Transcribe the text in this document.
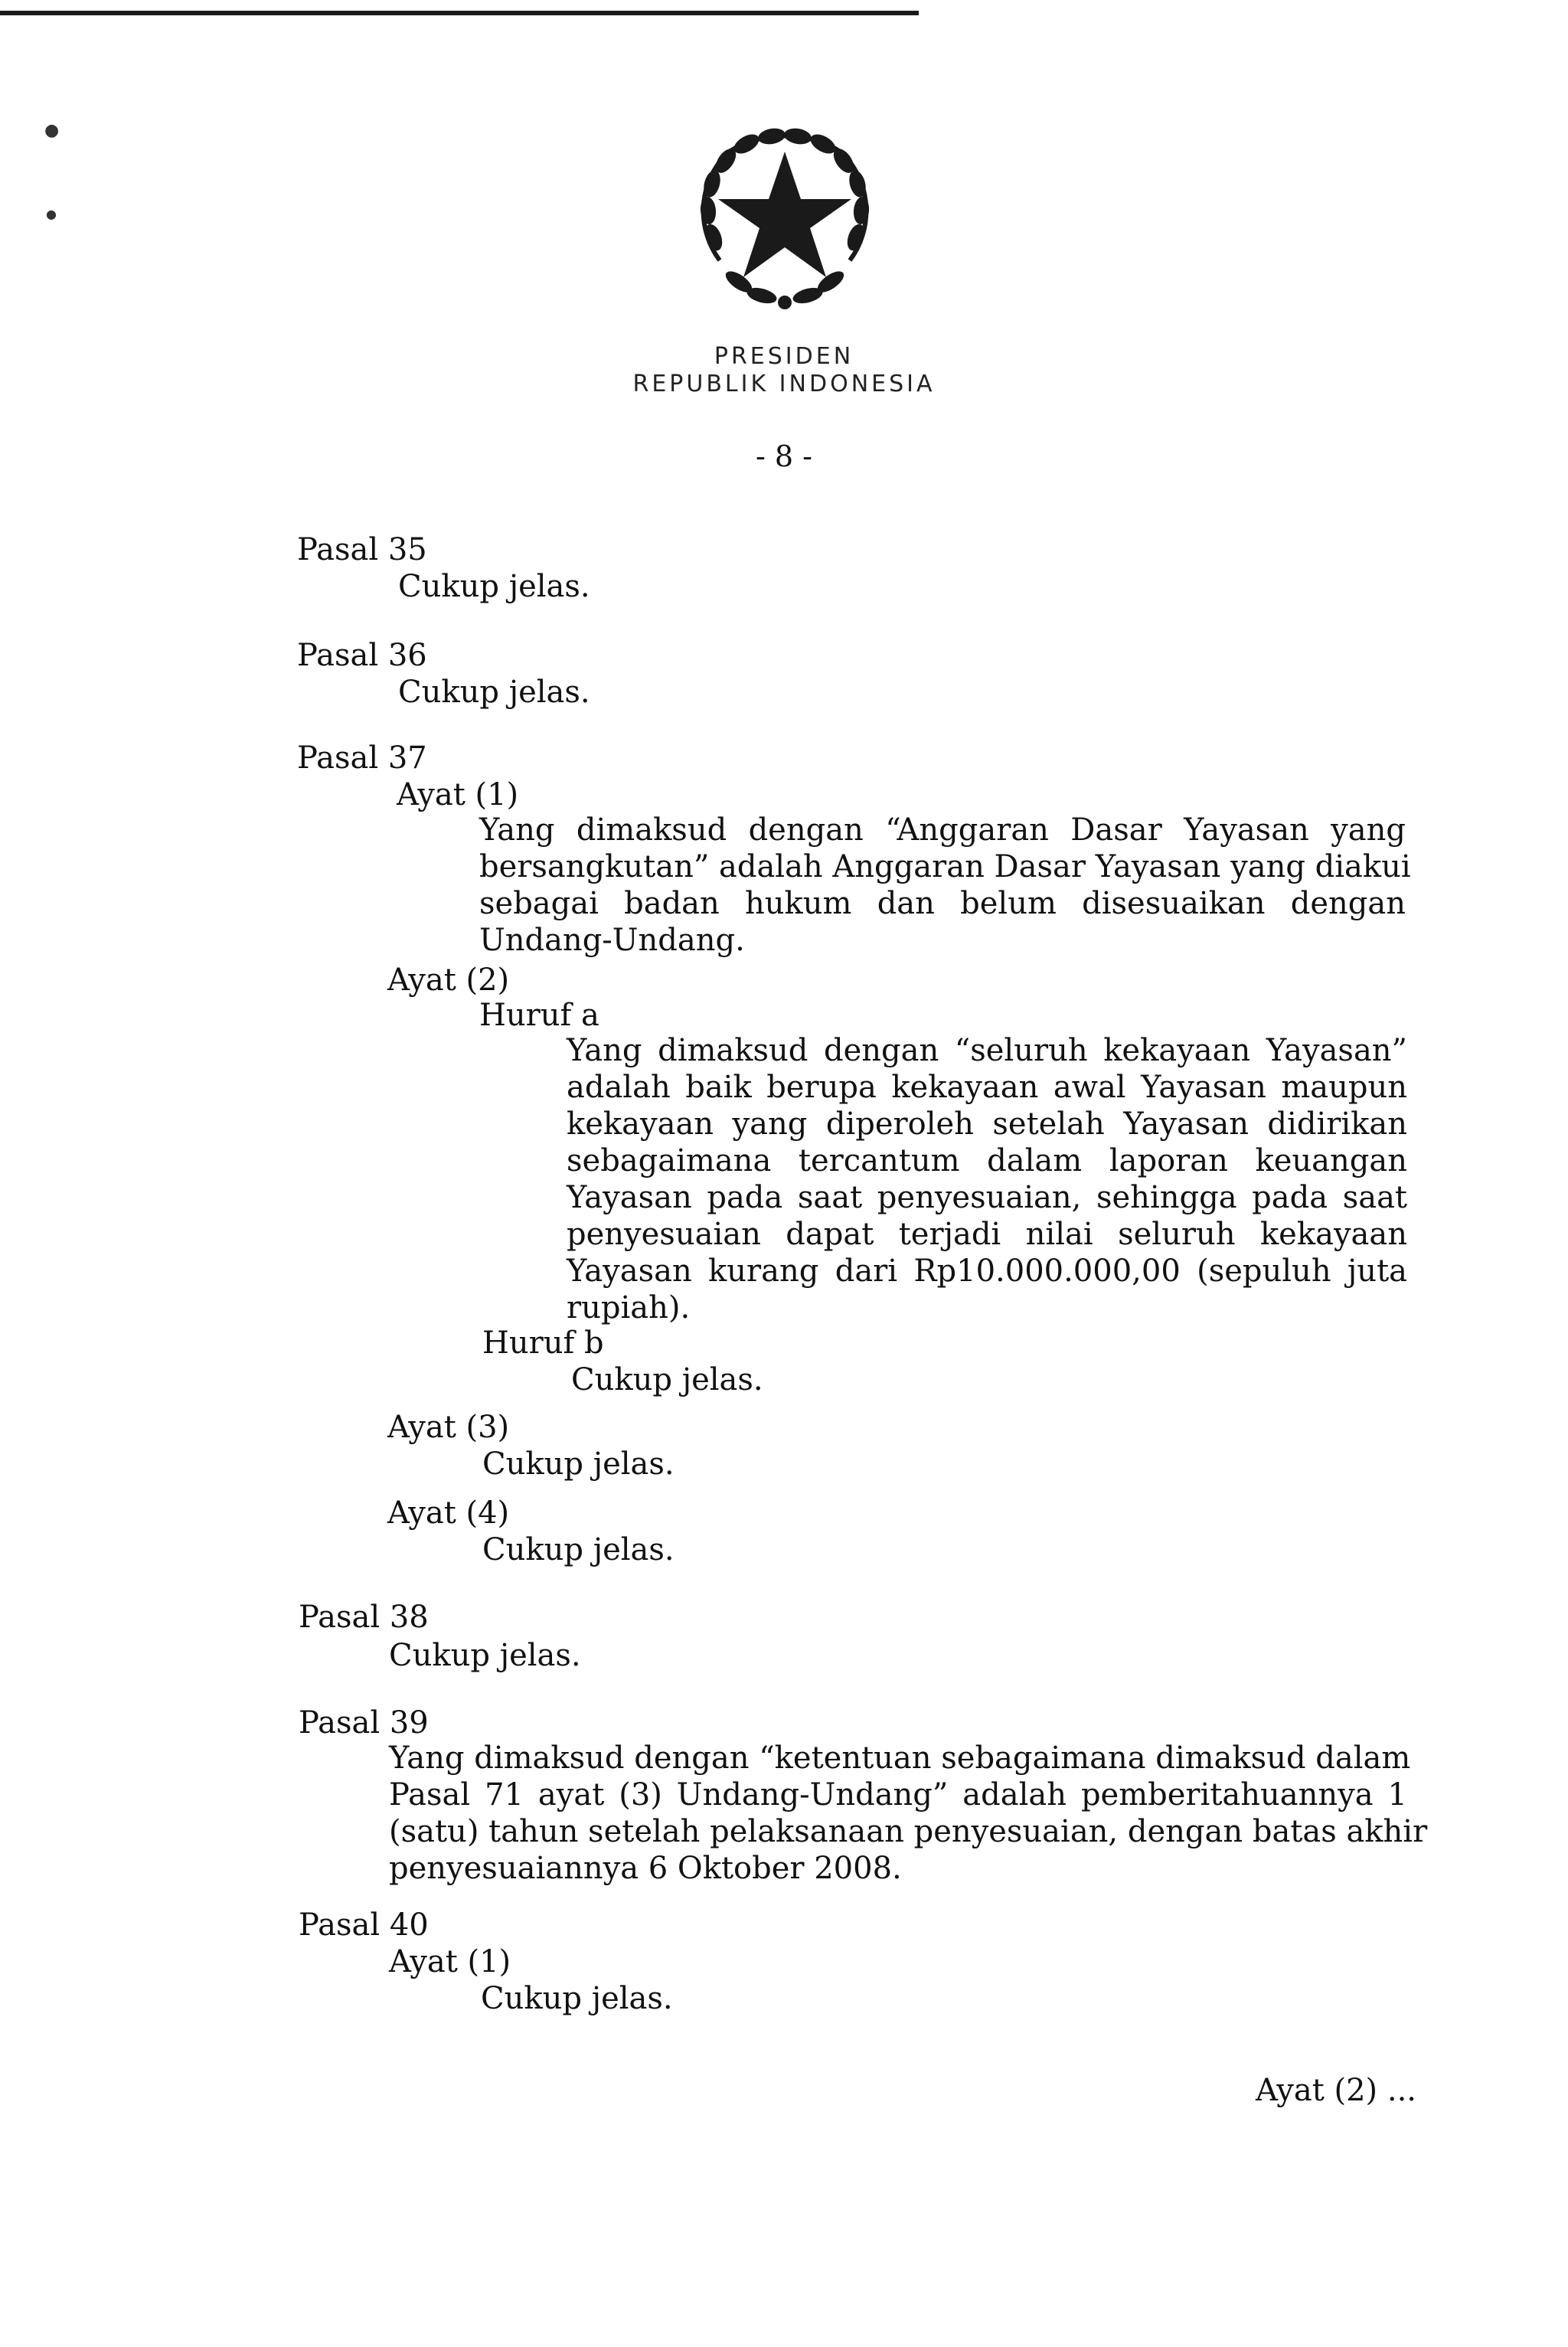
●
●
PRESIDEN
REPUBLIK INDONESIA
- 8 -
Pasal 35
Cukup jelas.
Pasal 36
Cukup jelas.
Pasal 37
Ayat (1)
Yang dimaksud dengan “Anggaran Dasar Yayasan yang
bersangkutan” adalah Anggaran Dasar Yayasan yang diakui
sebagai badan hukum dan belum disesuaikan dengan
Undang-Undang.
Ayat (2)
Huruf a
Yang dimaksud dengan “seluruh kekayaan Yayasan”
adalah baik berupa kekayaan awal Yayasan maupun
kekayaan yang diperoleh setelah Yayasan didirikan
sebagaimana tercantum dalam laporan keuangan
Yayasan pada saat penyesuaian, sehingga pada saat
penyesuaian dapat terjadi nilai seluruh kekayaan
Yayasan kurang dari Rp10.000.000,00 (sepuluh juta
rupiah).
Huruf b
Cukup jelas.
Ayat (3)
Cukup jelas.
Ayat (4)
Cukup jelas.
Pasal 38
Cukup jelas.
Pasal 39
Yang dimaksud dengan “ketentuan sebagaimana dimaksud dalam
Pasal 71 ayat (3) Undang-Undang” adalah pemberitahuannya 1
(satu) tahun setelah pelaksanaan penyesuaian, dengan batas akhir
penyesuaiannya 6 Oktober 2008.
Pasal 40
Ayat (1)
Cukup jelas.
Ayat (2) ...
